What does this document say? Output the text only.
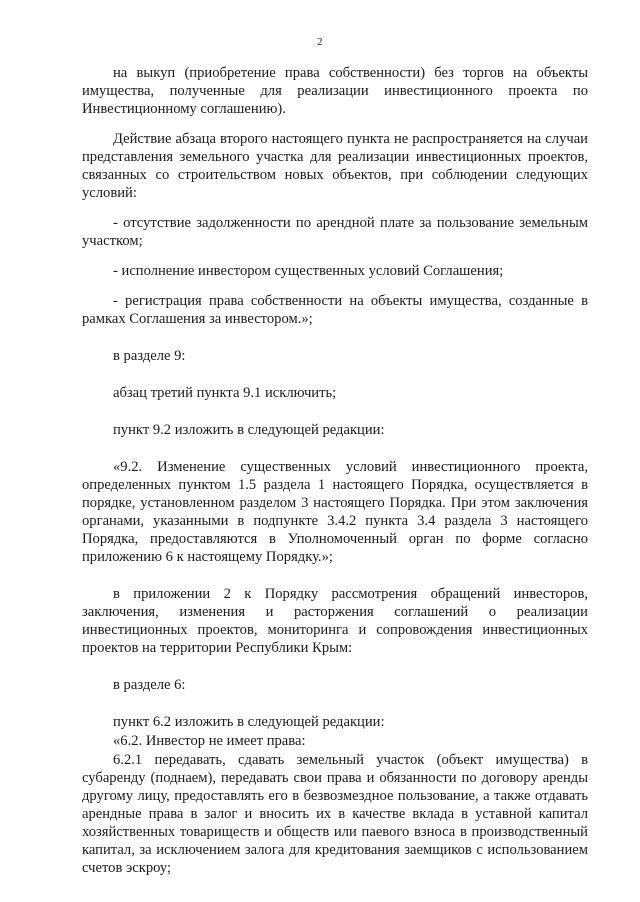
2

на выкуп (приобретение права собственности) без торгов на объекты имущества, полученные для реализации инвестиционного проекта по Инвестиционному соглашению).

Действие абзаца второго настоящего пункта не распространяется на случаи представления земельного участка для реализации инвестиционных проектов, связанных со строительством новых объектов, при соблюдении следующих условий:

- отсутствие задолженности по арендной плате за пользование земельным участком;

- исполнение инвестором существенных условий Соглашения;

- регистрация права собственности на объекты имущества, созданные в рамках Соглашения за инвестором.»;

в разделе 9:

абзац третий пункта 9.1 исключить;

пункт 9.2 изложить в следующей редакции:

«9.2. Изменение существенных условий инвестиционного проекта, определенных пунктом 1.5 раздела 1 настоящего Порядка, осуществляется в порядке, установленном разделом 3 настоящего Порядка. При этом заключения органами, указанными в подпункте 3.4.2 пункта 3.4 раздела 3 настоящего Порядка, предоставляются в Уполномоченный орган по форме согласно приложению 6 к настоящему Порядку.»;

в приложении 2 к Порядку рассмотрения обращений инвесторов, заключения, изменения и расторжения соглашений о реализации инвестиционных проектов, мониторинга и сопровождения инвестиционных проектов на территории Республики Крым:

в разделе 6:

пункт 6.2 изложить в следующей редакции:

«6.2. Инвестор не имеет права:

6.2.1 передавать, сдавать земельный участок (объект имущества) в субаренду (поднаем), передавать свои права и обязанности по договору аренды другому лицу, предоставлять его в безвозмездное пользование, а также отдавать арендные права в залог и вносить их в качестве вклада в уставной капитал хозяйственных товариществ и обществ или паевого взноса в производственный капитал, за исключением залога для кредитования заемщиков с использованием счетов эскроу;
